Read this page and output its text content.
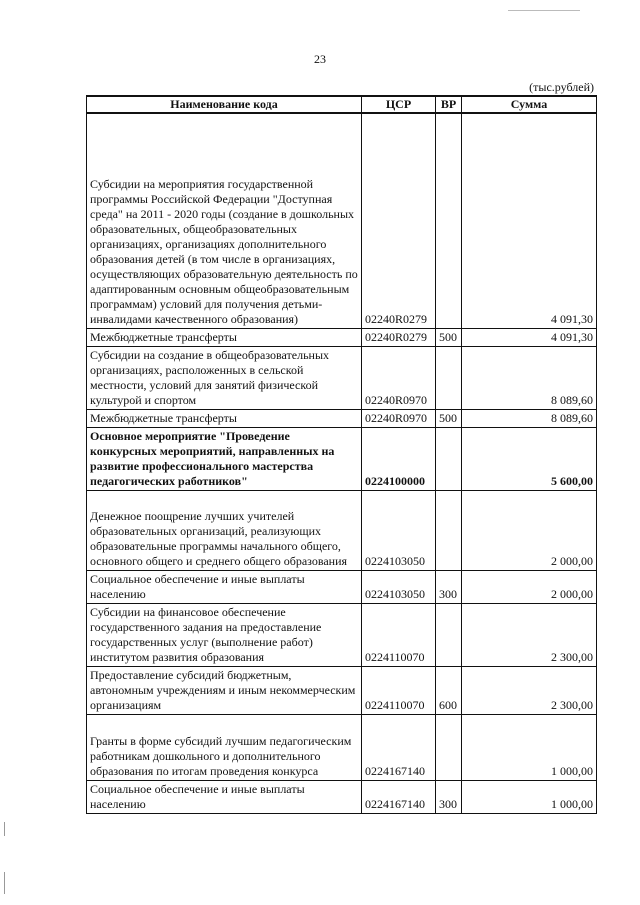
23
(тыс.рублей)
Наименование кода	ЦСР	ВР	Сумма
Субсидии на мероприятия государственной программы Российской Федерации "Доступная среда" на 2011 - 2020 годы (создание в дошкольных образовательных, общеобразовательных организациях, организациях дополнительного образования детей (в том числе в организациях, осуществляющих образовательную деятельность по адаптированным основным общеобразовательным программам) условий для получения детьми-инвалидами качественного образования)	02240R0279		4 091,30
Межбюджетные трансферты	02240R0279	500	4 091,30
Субсидии на создание в общеобразовательных организациях, расположенных в сельской местности, условий для занятий физической культурой и спортом	02240R0970		8 089,60
Межбюджетные трансферты	02240R0970	500	8 089,60
Основное мероприятие "Проведение конкурсных мероприятий, направленных на развитие профессионального мастерства педагогических работников"	0224100000		5 600,00
Денежное поощрение лучших учителей образовательных организаций, реализующих образовательные программы начального общего, основного общего и среднего общего образования	0224103050		2 000,00
Социальное обеспечение и иные выплаты населению	0224103050	300	2 000,00
Субсидии на финансовое обеспечение государственного задания на предоставление государственных услуг (выполнение работ) институтом развития образования	0224110070		2 300,00
Предоставление субсидий бюджетным, автономным учреждениям и иным некоммерческим организациям	0224110070	600	2 300,00
Гранты в форме субсидий лучшим педагогическим работникам дошкольного и дополнительного образования по итогам проведения конкурса	0224167140		1 000,00
Социальное обеспечение и иные выплаты населению	0224167140	300	1 000,00
